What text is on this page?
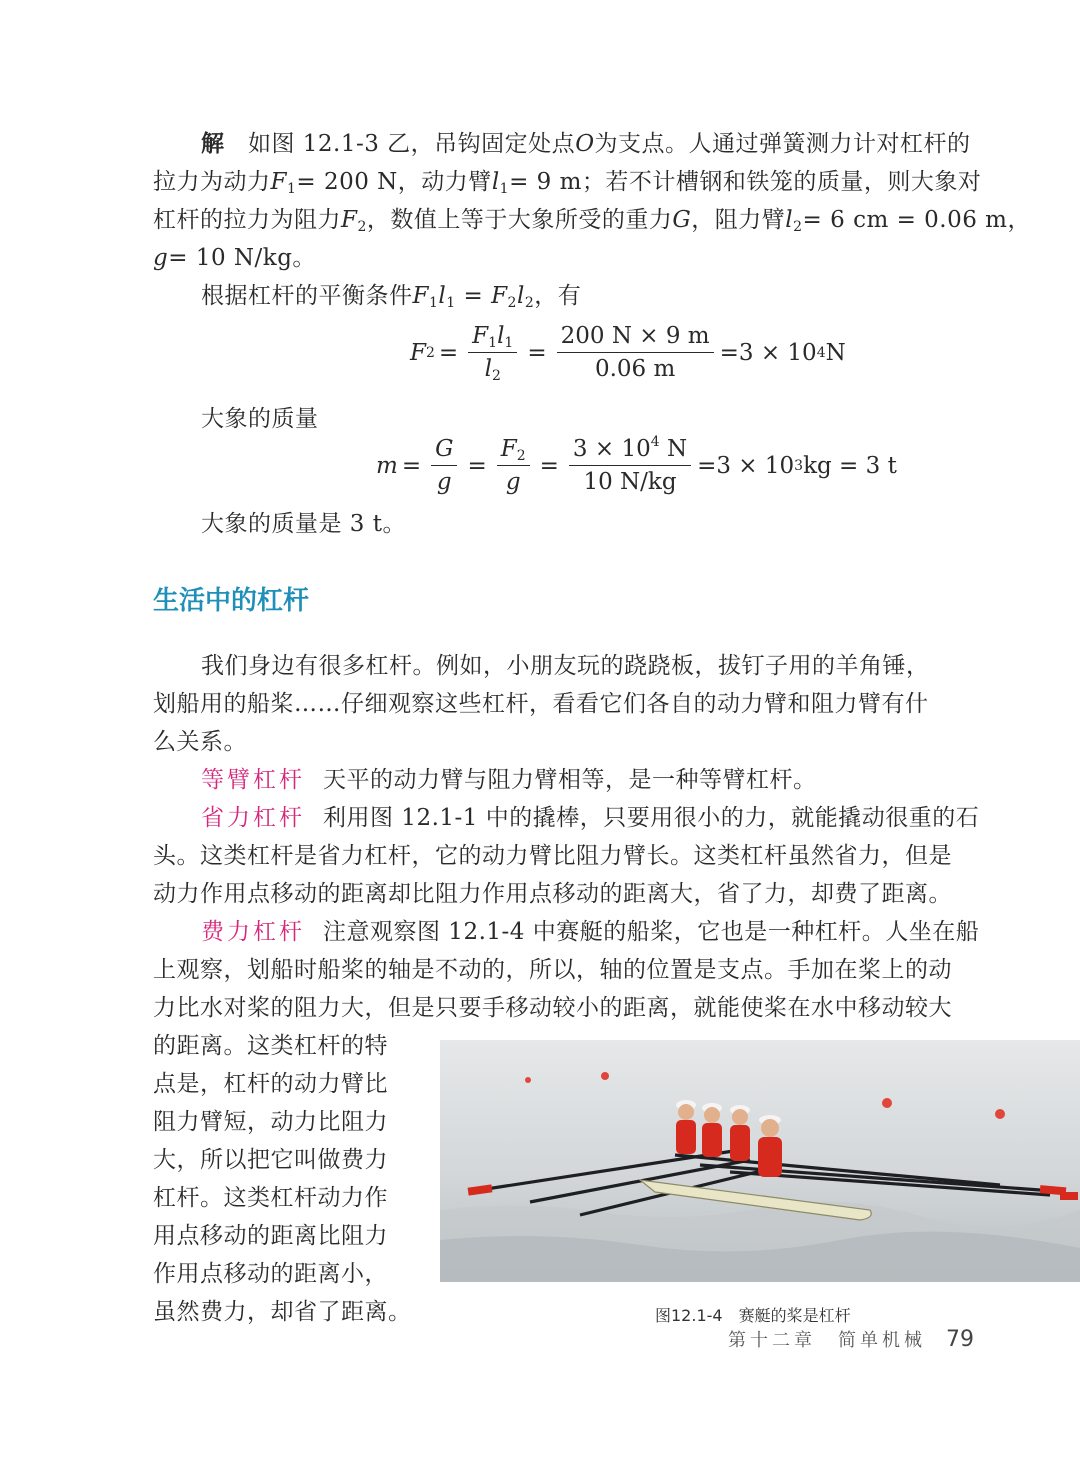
解 如图 12.1-3 乙，吊钩固定处点O为支点。人通过弹簧测力计对杠杆的
拉力为动力$F_1= 200$ N，动力臂$l_1= 9$ m；若不计槽钢和铁笼的质量，则大象对
杠杆的拉力为阻力$F_2$，数值上等于大象所受的重力G，阻力臂$l_2= 6$ cm = 0.06 m，
g= 10 N/kg。
根据杠杆的平衡条件$F_1l_1 = F_2l_2$，有
F $2 = \frac{F_1l_1}{l_2} = \frac{200 N \times 9 m}{0.06 m} =3 \times 10$ 4 N
大象的质量
$m = \frac{G}{g} = \frac{F_2}{g} = \frac{3 \times 10^4 N}{10 N/kg} =3 \times 10$ 3 kg = 3 t
大象的质量是 3 t。
生活中的杠杆
我们身边有很多杠杆。例如，小朋友玩的跷跷板，拔钉子用的羊角锤，
划船用的船桨……仔细观察这些杠杆，看看它们各自的动力臂和阻力臂有什
么关系。
等臂杠杆 天平的动力臂与阻力臂相等，是一种等臂杠杆。
省力杠杆 利用图 12.1-1 中的撬棒，只要用很小的力，就能撬动很重的石
头。这类杠杆是省力杠杆，它的动力臂比阻力臂长。这类杠杆虽然省力，但是
动力作用点移动的距离却比阻力作用点移动的距离大，省了力，却费了距离。
费力杠杆 注意观察图 12.1-4 中赛艇的船桨，它也是一种杠杆。人坐在船
上观察，划船时船桨的轴是不动的，所以，轴的位置是支点。手加在桨上的动
力比水对桨的阻力大，但是只要手移动较小的距离，就能使桨在水中移动较大
的距离。这类杠杆的特
点是，杠杆的动力臂比
阻力臂短，动力比阻力
大，所以把它叫做费力
杠杆。这类杠杆动力作
用点移动的距离比阻力
作用点移动的距离小，
虽然费力，却省了距离。	图12.1-4　赛艇的桨是杠杆
第十二章　简单机械 79
